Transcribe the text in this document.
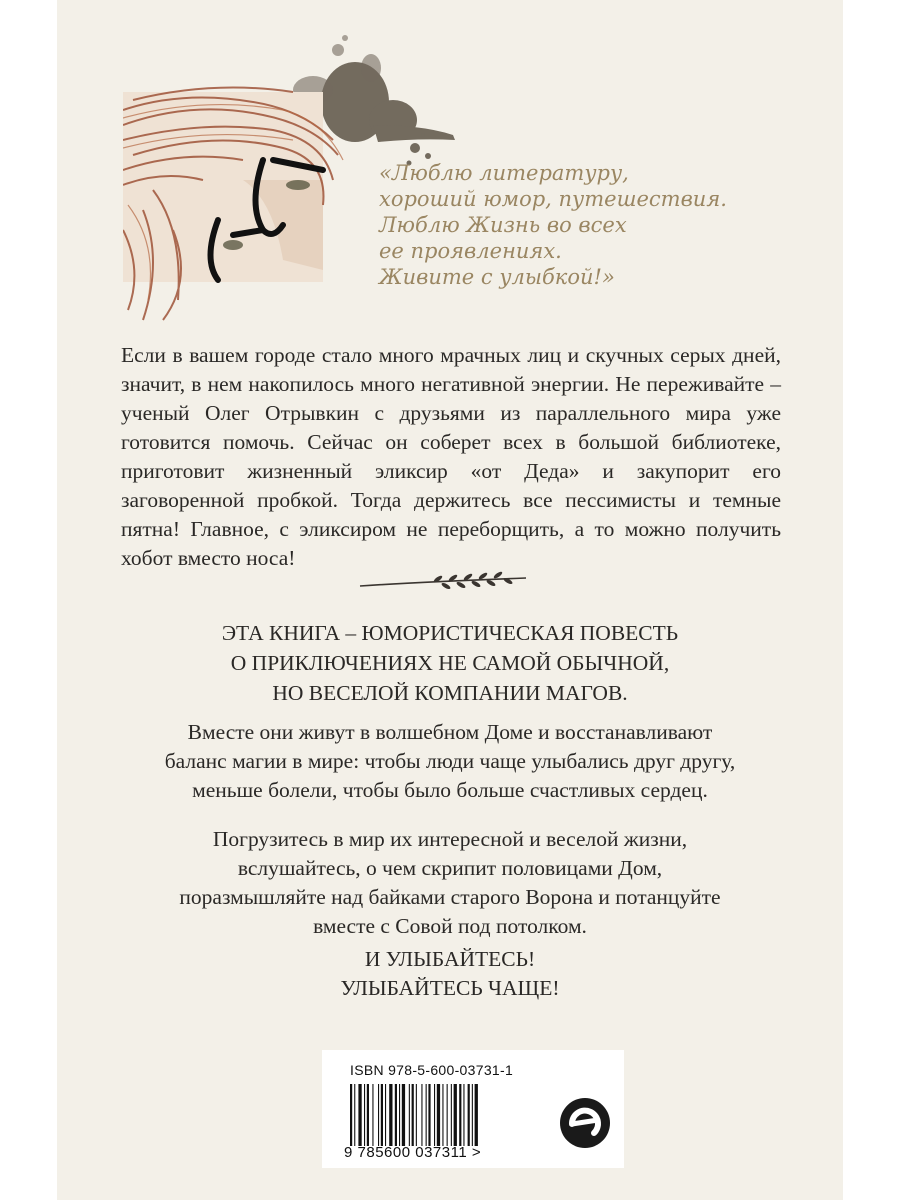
«Люблю литературу,
хороший юмор, путешествия.
Люблю Жизнь во всех
ее проявлениях.
Живите с улыбкой!»

Если в вашем городе стало много мрачных лиц и скучных серых дней, значит, в нем накопилось много негативной энергии. Не переживайте – ученый Олег Отрывкин с друзьями из параллельного мира уже готовится помочь. Сейчас он соберет всех в большой библиотеке, приготовит жизненный эликсир «от Деда» и закупорит его заговоренной пробкой. Тогда держитесь все пессимисты и темные пятна! Главное, с эликсиром не переборщить, а то можно получить хобот вместо носа!

ЭТА КНИГА – ЮМОРИСТИЧЕСКАЯ ПОВЕСТЬ
О ПРИКЛЮЧЕНИЯХ НЕ САМОЙ ОБЫЧНОЙ,
НО ВЕСЕЛОЙ КОМПАНИИ МАГОВ.
Вместе они живут в волшебном Доме и восстанавливают
баланс магии в мире: чтобы люди чаще улыбались друг другу,
меньше болели, чтобы было больше счастливых сердец.
Погрузитесь в мир их интересной и веселой жизни,
вслушайтесь, о чем скрипит половицами Дом,
поразмышляйте над байками старого Ворона и потанцуйте
вместе с Совой под потолком.
И УЛЫБАЙТЕСЬ!
УЛЫБАЙТЕСЬ ЧАЩЕ!
ISBN 978-5-600-03731-1
9 785600 037311 >
